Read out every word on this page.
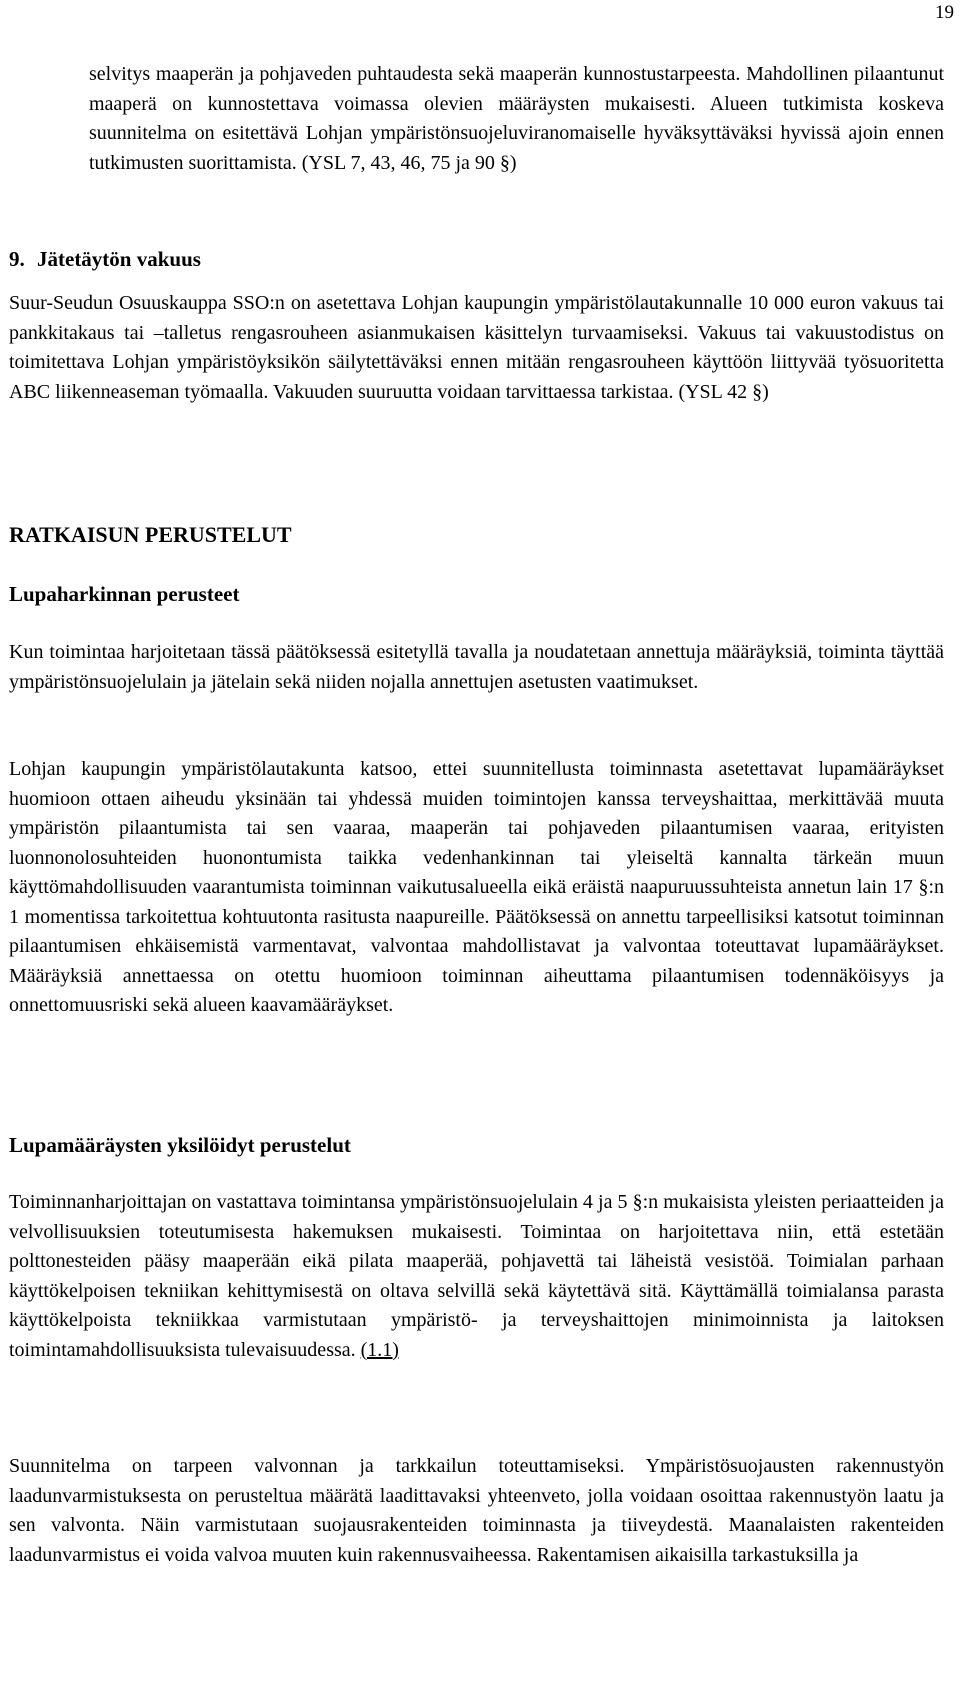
19

selvitys maaperän ja pohjaveden puhtaudesta sekä maaperän kunnostustarpeesta. Mahdollinen pilaantunut maaperä on kunnostettava voimassa olevien määräysten mukaisesti. Alueen tutkimista koskeva suunnitelma on esitettävä Lohjan ympäristönsuojeluviranomaiselle hyväksyttäväksi hyvissä ajoin ennen tutkimusten suorittamista. (YSL 7, 43, 46, 75 ja 90 §)

9. Jätetäytön vakuus

Suur-Seudun Osuuskauppa SSO:n on asetettava Lohjan kaupungin ympäristölautakunnalle 10 000 euron vakuus tai pankkitakaus tai –talletus rengasrouheen asianmukaisen käsittelyn turvaamiseksi. Vakuus tai vakuustodistus on toimitettava Lohjan ympäristöyksikön säilytettäväksi ennen mitään rengasrouheen käyttöön liittyvää työsuoritetta ABC liikenneaseman työmaalla. Vakuuden suuruutta voidaan tarvittaessa tarkistaa. (YSL 42 §)

RATKAISUN PERUSTELUT
Lupaharkinnan perusteet

Kun toimintaa harjoitetaan tässä päätöksessä esitetyllä tavalla ja noudatetaan annettuja määräyksiä, toiminta täyttää ympäristönsuojelulain ja jätelain sekä niiden nojalla annettujen asetusten vaatimukset.

Lohjan kaupungin ympäristölautakunta katsoo, ettei suunnitellusta toiminnasta asetettavat lupamääräykset huomioon ottaen aiheudu yksinään tai yhdessä muiden toimintojen kanssa terveyshaittaa, merkittävää muuta ympäristön pilaantumista tai sen vaaraa, maaperän tai pohjaveden pilaantumisen vaaraa, erityisten luonnonolosuhteiden huonontumista taikka vedenhankinnan tai yleiseltä kannalta tärkeän muun käyttömahdollisuuden vaarantumista toiminnan vaikutusalueella eikä eräistä naapuruussuhteista annetun lain 17 §:n 1 momentissa tarkoitettua kohtuutonta rasitusta naapureille. Päätöksessä on annettu tarpeellisiksi katsotut toiminnan pilaantumisen ehkäisemistä varmentavat, valvontaa mahdollistavat ja valvontaa toteuttavat lupamääräykset. Määräyksiä annettaessa on otettu huomioon toiminnan aiheuttama pilaantumisen todennäköisyys ja onnettomuusriski sekä alueen kaavamääräykset.

Lupamääräysten yksilöidyt perustelut

Toiminnanharjoittajan on vastattava toimintansa ympäristönsuojelulain 4 ja 5 §:n mukaisista yleisten periaatteiden ja velvollisuuksien toteutumisesta hakemuksen mukaisesti. Toimintaa on harjoitettava niin, että estetään polttonesteiden pääsy maaperään eikä pilata maaperää, pohjavettä tai läheistä vesistöä. Toimialan parhaan käyttökelpoisen tekniikan kehittymisestä on oltava selvillä sekä käytettävä sitä. Käyttämällä toimialansa parasta käyttökelpoista tekniikkaa varmistutaan ympäristö- ja terveyshaittojen minimoinnista ja laitoksen toimintamahdollisuuksista tulevaisuudessa. (1.1)

Suunnitelma on tarpeen valvonnan ja tarkkailun toteuttamiseksi. Ympäristösuojausten rakennustyön laadunvarmistuksesta on perusteltua määrätä laadittavaksi yhteenveto, jolla voidaan osoittaa rakennustyön laatu ja sen valvonta. Näin varmistutaan suojausrakenteiden toiminnasta ja tiiveydestä. Maanalaisten rakenteiden laadunvarmistus ei voida valvoa muuten kuin rakennusvaiheessa. Rakentamisen aikaisilla tarkastuksilla ja
